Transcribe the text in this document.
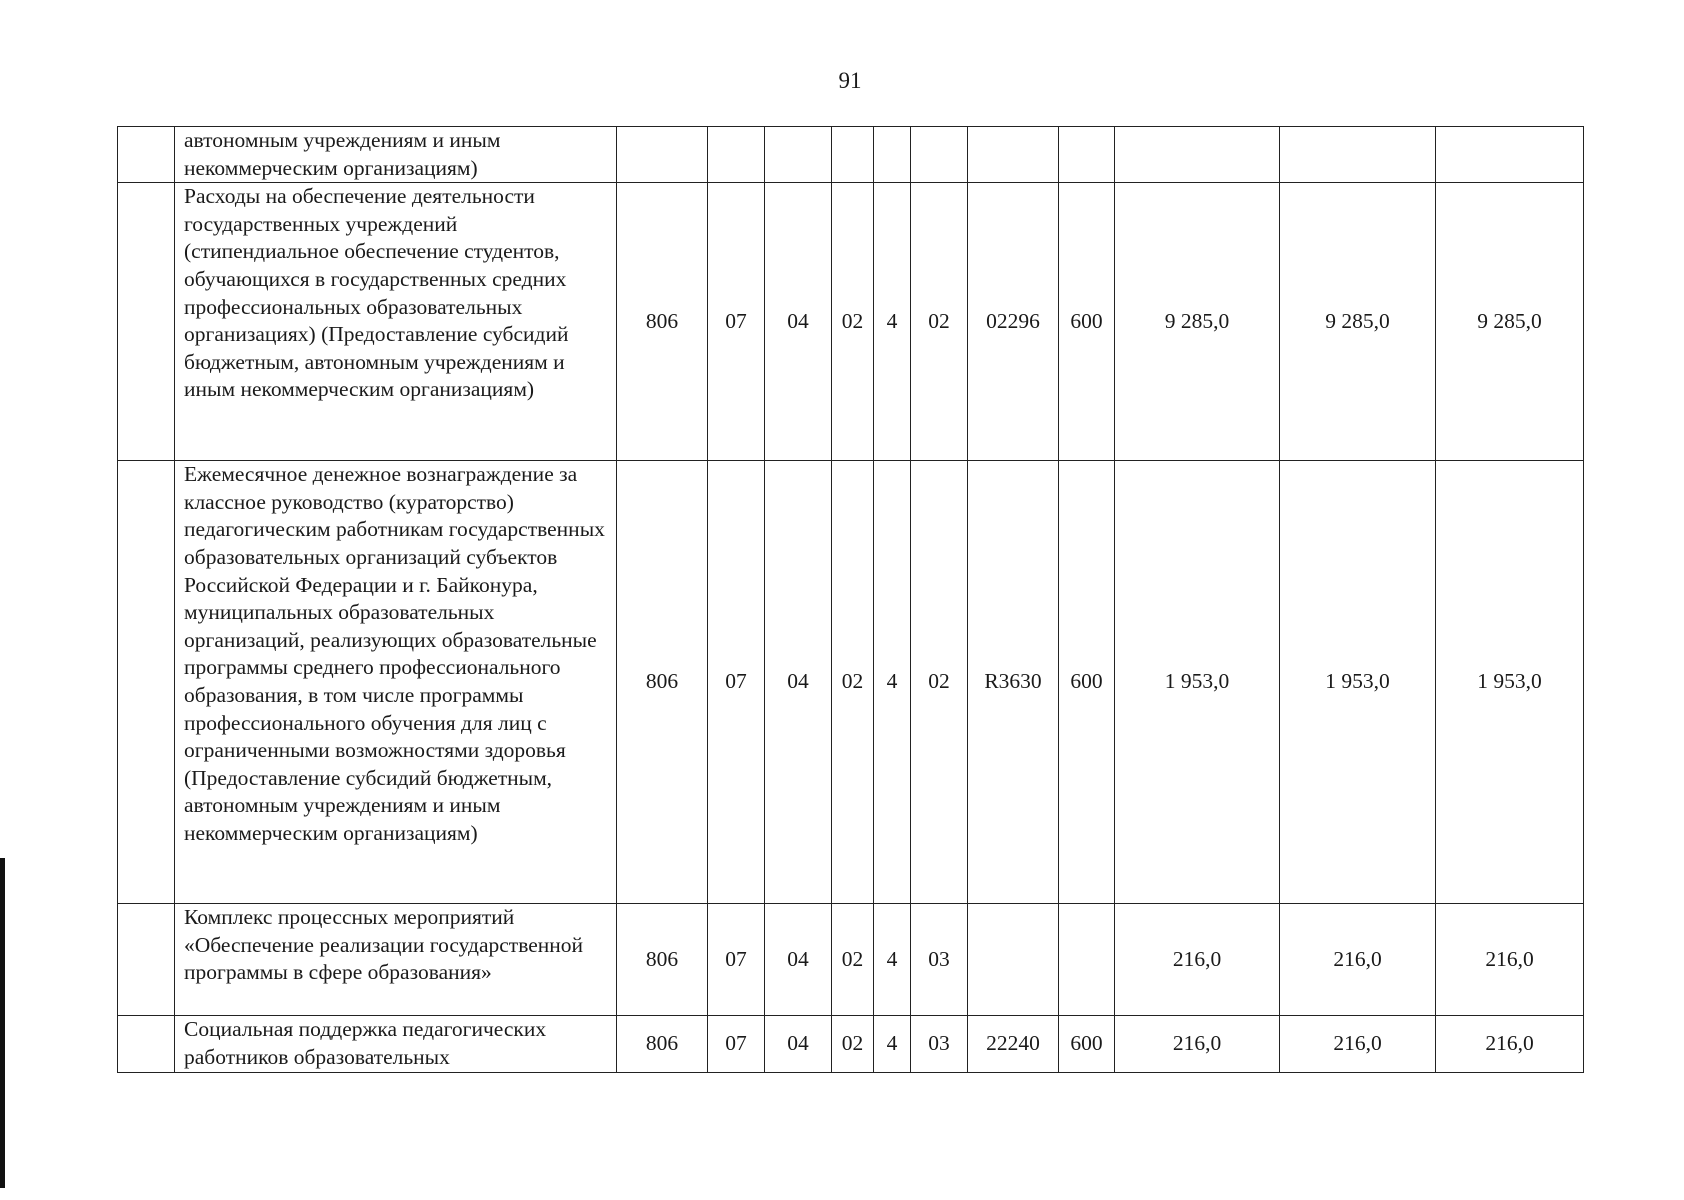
91
	автономным учреждениям и иным некоммерческим организациям)											
	Расходы на обеспечение деятельности государственных учреждений (стипендиальное обеспечение студентов, обучающихся в государственных средних профессиональных образовательных организациях) (Предоставление субсидий бюджетным, автономным учреждениям и иным некоммерческим организациям)	806	07	04	02	4	02	02296	600	9 285,0	9 285,0	9 285,0
	Ежемесячное денежное вознаграждение за классное руководство (кураторство) педагогическим работникам государственных образовательных организаций субъектов Российской Федерации и г. Байконура, муниципальных образовательных организаций, реализующих образовательные программы среднего профессионального образования, в том числе программы профессионального обучения для лиц с ограниченными возможностями здоровья (Предоставление субсидий бюджетным, автономным учреждениям и иным некоммерческим организациям)	806	07	04	02	4	02	R3630	600	1 953,0	1 953,0	1 953,0
	Комплекс процессных мероприятий «Обеспечение реализации государственной программы в сфере образования»	806	07	04	02	4	03			216,0	216,0	216,0
	Социальная поддержка педагогических работников образовательных	806	07	04	02	4	03	22240	600	216,0	216,0	216,0
